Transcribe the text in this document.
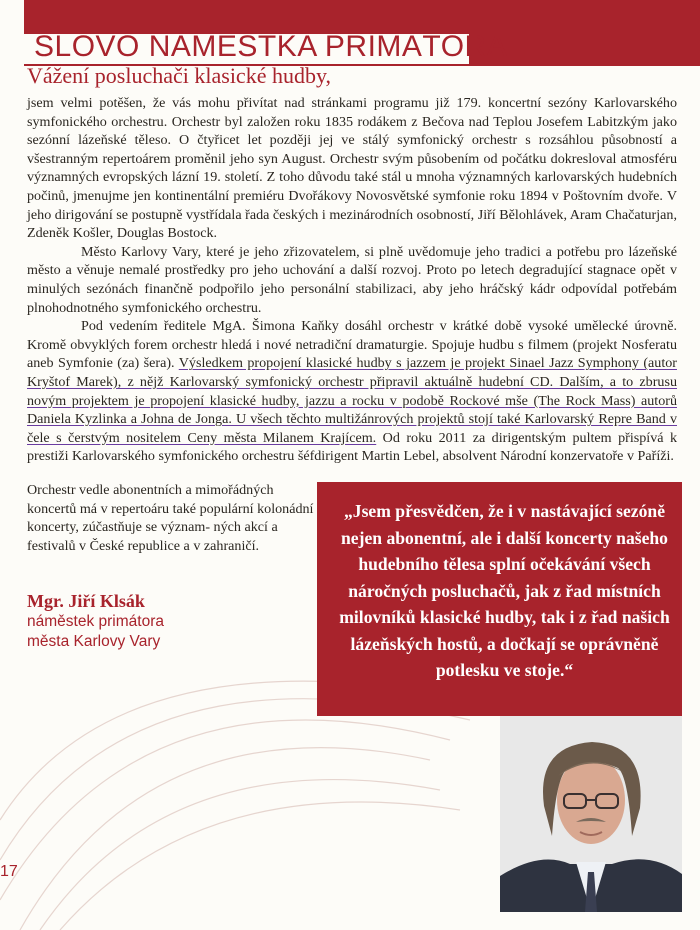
SLOVO NÁMĚSTKA PRIMÁTORA
Vážení posluchači klasické hudby,

jsem velmi potěšen, že vás mohu přivítat nad stránkami programu již 179. koncertní sezóny Karlovarského symfonického orchestru. Orchestr byl založen roku 1835 rodákem z Bečova nad Teplou Josefem Labitzkým jako sezónní lázeňské těleso. O čtyřicet let později jej ve stálý symfonický orchestr s rozsáhlou působností a všestranným repertoárem proměnil jeho syn August. Orchestr svým působením od počátku dokresloval atmosféru významných evropských lázní 19. století. Z toho důvodu také stál u mnoha významných karlovarských hudebních počinů, jmenujme jen kontinentální premiéru Dvořákovy Novosvětské symfonie roku 1894 v Poštovním dvoře. V jeho dirigování se postupně vystřídala řada českých i mezinárodních osobností, Jiří Bělohlávek, Aram Chačaturjan, Zdeněk Košler, Douglas Bostock.

Město Karlovy Vary, které je jeho zřizovatelem, si plně uvědomuje jeho tradici a potřebu pro lázeňské město a věnuje nemalé prostředky pro jeho uchování a další rozvoj. Proto po letech degradující stagnace opět v minulých sezónách finančně podpořilo jeho personální stabilizaci, aby jeho hráčský kádr odpovídal potřebám plnohodnotného symfonického orchestru.

Pod vedením ředitele MgA. Šimona Kaňky dosáhl orchestr v krátké době vysoké umělecké úrovně. Kromě obvyklých forem orchestr hledá i nové netradiční dramaturgie. Spojuje hudbu s filmem (projekt Nosferatu aneb Symfonie (za) šera). Výsledkem propojení klasické hudby s jazzem je projekt Sinael Jazz Symphony (autor Kryštof Marek), z nějž Karlovarský symfonický orchestr připravil aktuálně hudební CD. Dalším, a to zbrusu novým projektem je propojení klasické hudby, jazzu a rocku v podobě Rockové mše (The Rock Mass) autorů Daniela Kyzlinka a Johna de Jonga. U všech těchto multižánrových projektů stojí také Karlovarský Repre Band v čele s čerstvým nositelem Ceny města Milanem Krajícem. Od roku 2011 za dirigentským pultem přispívá k prestiži Karlovarského symfonického orchestru šéfdirigent Martin Lebel, absolvent Národní konzervatoře v Paříži.

Orchestr vedle abonentních a mimořádných koncertů má v repertoáru také populární kolonádní koncerty, zúčastňuje se význam- ných akcí a festivalů v České republice a v zahraničí.
Mgr. Jiří Klsák
náměstek primátora
města Karlovy Vary
„Jsem přesvědčen, že i v nastávající sezóně nejen abonentní, ale i další koncerty našeho hudebního tělesa splní očekávání všech náročných posluchačů, jak z řad místních milovníků klasické hudby, tak i z řad našich lázeňských hostů, a dočkají se oprávněně potlesku ve stoje.“
17
